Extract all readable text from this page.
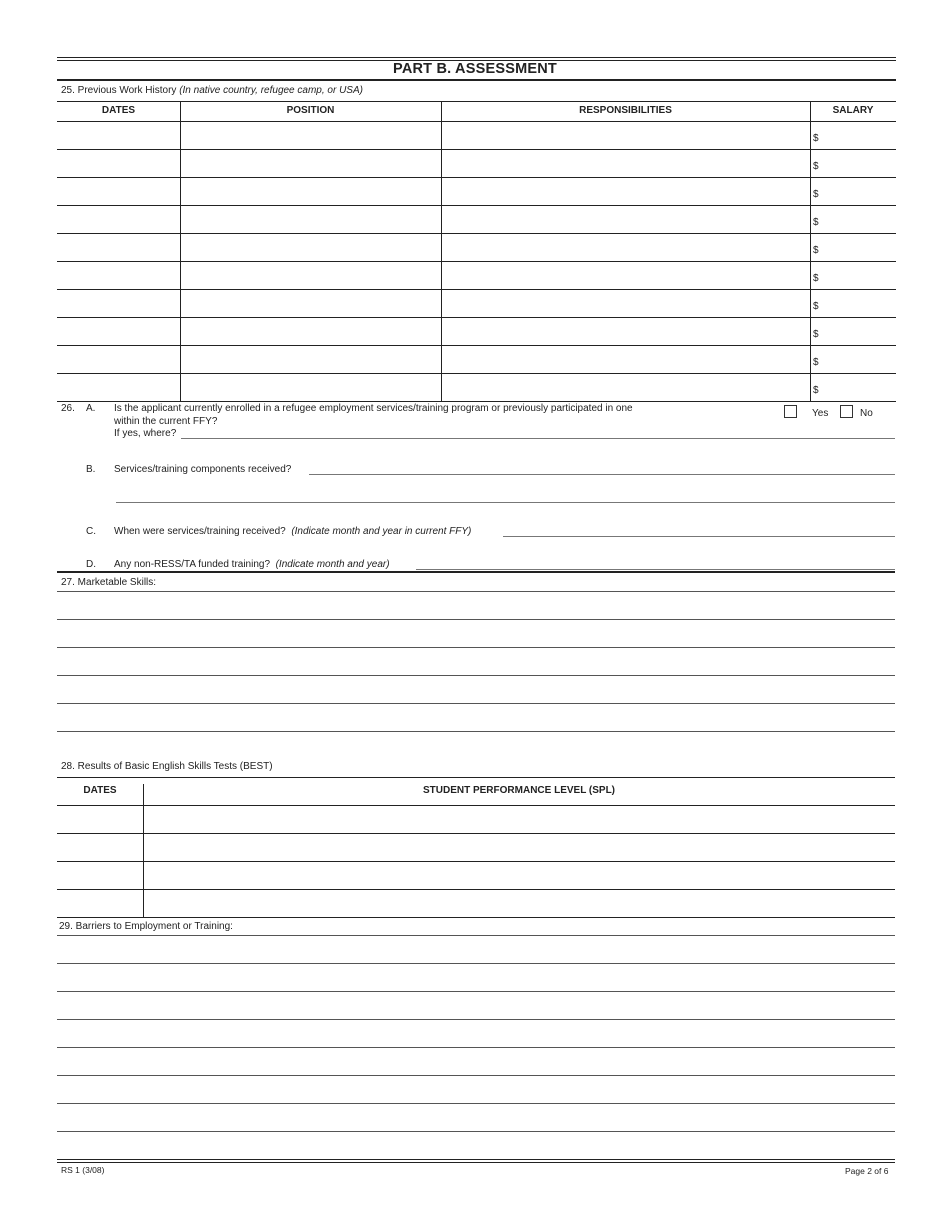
PART B. ASSESSMENT
25. Previous Work History (In native country, refugee camp, or USA)
DATES	POSITION	RESPONSIBILITIES	SALARY
$
$
$
$
$
$
$
$
$
$
26. A. Is the applicant currently enrolled in a refugee employment services/training program or previously participated in one
within the current FFY?
If yes, where?
Yes	No
B. Services/training components received?
C. When were services/training received? (Indicate month and year in current FFY)
D. Any non-RESS/TA funded training? (Indicate month and year)
27. Marketable Skills:
28. Results of Basic English Skills Tests (BEST)
DATES	STUDENT PERFORMANCE LEVEL (SPL)
29. Barriers to Employment or Training:
RS 1 (3/08)	Page 2 of 6
